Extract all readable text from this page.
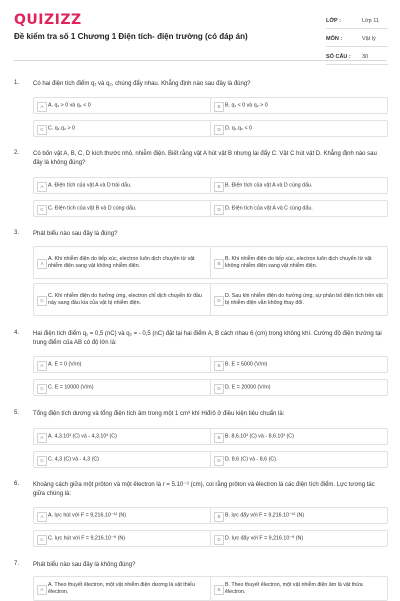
QUIZIZZ
Đề kiểm tra số 1 Chương 1 Điện tích- điện trường (có đáp án)
LỚP :	Lớp 11
MÔN :	Vật lý
SỐ CÂU : 30
1. Có hai điện tích điểm q₁ và q₂, chúng đẩy nhau. Khẳng định nào sau đây là đúng?
A A. q₁ > 0 và q₂ < 0	B B. q₁ < 0 và q₂ > 0
C C. q₁.q₂ > 0	D D. q₁.q₂ < 0
2. Có bốn vật A, B, C, D kích thước nhỏ, nhiễm điện. Biết rằng vật A hút vật B nhưng lại đẩy C. Vật C hút vật D. Khẳng định nào sau đây là không đúng?
A A. Điện tích của vật A và D trái dấu.	B B. Điện tích của vật A và D cùng dấu.
C C. Điện tích của vật B và D cùng dấu.	D D. Điện tích của vật A và C cùng dấu.
3. Phát biểu nào sau đây là đúng?
A
A. Khi nhiễm điện do tiếp xúc, electron luôn dịch chuyển từ vật nhiễm điện sang vật không nhiễm điện.	B
B. Khi nhiễm điện do tiếp xúc, electron luôn dịch chuyển từ vật không nhiễm điện sang vật nhiễm điện.
C
C. Khi nhiễm điện do hưởng ứng, electron chỉ dịch chuyển từ đầu này sang đầu kia của vật bị nhiễm điện.	D
D. Sau khi nhiễm điện do hưởng ứng, sự phân bố điện tích trên vật bị nhiễm điện vẫn không thay đổi.
4. Hai điện tích điểm q₁ = 0,5 (nC) và q₂ = - 0,5 (nC) đặt tại hai điểm A, B cách nhau 6 (cm) trong không khí. Cường độ điện trường tại trung điểm của AB có độ lớn là:
A A. E = 0 (V/m)	B B. E = 5000 (V/m)
C C. E = 10000 (V/m)	D D. E = 20000 (V/m)
5. Tổng điện tích dương và tổng điện tích âm trong một 1 cm³ khí Hiđrô ở điều kiện tiêu chuẩn là:
A A. 4,3.10³ (C) và - 4,3.10³ (C)	B B. 8,6.10³ (C) và - 8,6.10³ (C)
C C. 4,3 (C) và - 4,3 (C)	D D. 8,6 (C) và - 8,6 (C).
6. Khoảng cách giữa một prôton và một êlectron là r = 5.10⁻⁹ (cm), coi rằng prôton và êlectron là các điện tích điểm. Lực tương tác giữa chúng là:
A A. lực hút với F = 9,216.10⁻¹² (N)	B B. lực đẩy với F = 9,216.10⁻¹² (N)
C C. lực hút với F = 9,216.10⁻⁸ (N)	D D. lực đẩy với F = 9,216.10⁻⁸ (N)
7. Phát biểu nào sau đây là không đúng?
A
A. Theo thuyết êlectron, một vật nhiễm điện dương là vật thiếu êlectron.	B
B. Theo thuyết êlectron, một vật nhiễm điện âm là vật thừa êlectron.
